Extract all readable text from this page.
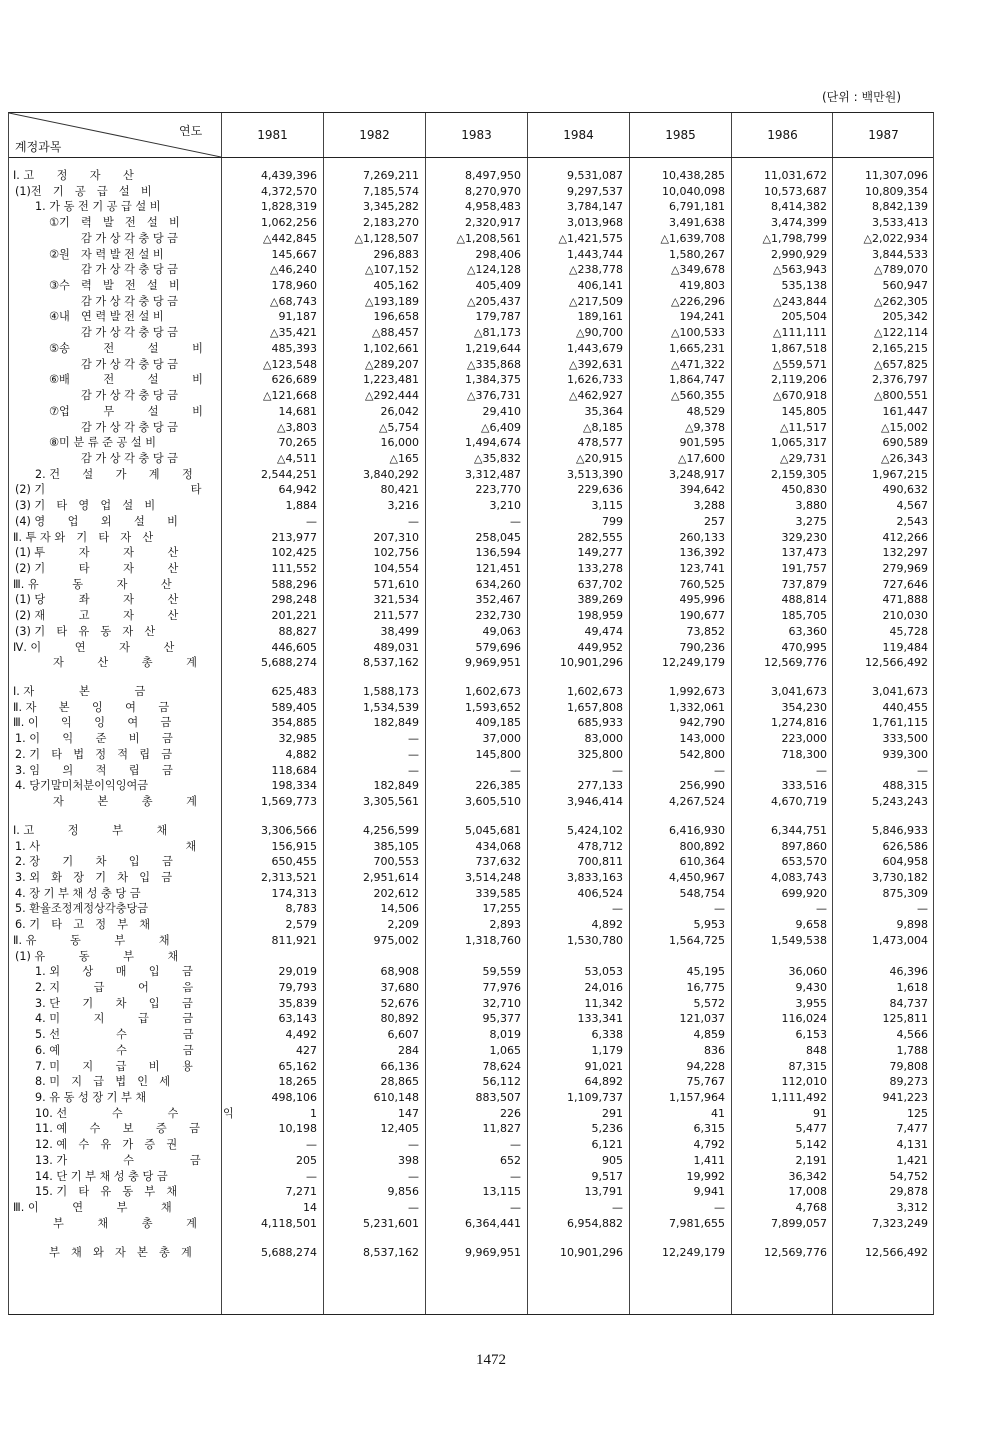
(단위 : 백만원)
연도
계정과목
1981	1982	1983	1984	1985	1986	1987
Ⅰ. 고　　정　　자　　산	4,439,396	7,269,211	8,497,950	9,531,087	10,438,285	11,031,672	11,307,096
(1)전　기　공　급　설　비	4,372,570	7,185,574	8,270,970	9,297,537	10,040,098	10,573,687	10,809,354
1. 가 동 전 기 공 급 설 비	1,828,319	3,345,282	4,958,483	3,784,147	6,791,181	8,414,382	8,842,139
①기　력　발　전　설　비	1,062,256	2,183,270	2,320,917	3,013,968	3,491,638	3,474,399	3,533,413
감 가 상 각 충 당 금	△442,845	△1,128,507	△1,208,561	△1,421,575	△1,639,708	△1,798,799	△2,022,934
②원　자 력 발 전 설 비	145,667	296,883	298,406	1,443,744	1,580,267	2,990,929	3,844,533
감 가 상 각 충 당 금	△46,240	△107,152	△124,128	△238,778	△349,678	△563,943	△789,070
③수　력　발　전　설　비	178,960	405,162	405,409	406,141	419,803	535,138	560,947
감 가 상 각 충 당 금	△68,743	△193,189	△205,437	△217,509	△226,296	△243,844	△262,305
④내　연 력 발 전 설 비	91,187	196,658	179,787	189,161	194,241	205,504	205,342
감 가 상 각 충 당 금	△35,421	△88,457	△81,173	△90,700	△100,533	△111,111	△122,114
⑤송　　　전　　　설　　　비	485,393	1,102,661	1,219,644	1,443,679	1,665,231	1,867,518	2,165,215
감 가 상 각 충 당 금	△123,548	△289,207	△335,868	△392,631	△471,322	△559,571	△657,825
⑥배　　　전　　　설　　　비	626,689	1,223,481	1,384,375	1,626,733	1,864,747	2,119,206	2,376,797
감 가 상 각 충 당 금	△121,668	△292,444	△376,731	△462,927	△560,355	△670,918	△800,551
⑦업　　　무　　　설　　　비	14,681	26,042	29,410	35,364	48,529	145,805	161,447
감 가 상 각 충 당 금	△3,803	△5,754	△6,409	△8,185	△9,378	△11,517	△15,002
⑧미 분 류 준 공 설 비	70,265	16,000	1,494,674	478,577	901,595	1,065,317	690,589
감 가 상 각 충 당 금	△4,511	△165	△35,832	△20,915	△17,600	△29,731	△26,343
2. 건　　설　　가　　계　　정	2,544,251	3,840,292	3,312,487	3,513,390	3,248,917	2,159,305	1,967,215
(2) 기　　　　　　　　　　　　　타	64,942	80,421	223,770	229,636	394,642	450,830	490,632
(3) 기　타　영　업　설　비	1,884	3,216	3,210	3,115	3,288	3,880	4,567
(4) 영　　업　　외　　설　　비	—	—	—	799	257	3,275	2,543
Ⅱ. 투 자 와　기　타　자　산	213,977	207,310	258,045	282,555	260,133	329,230	412,266
(1) 투　　　자　　　자　　　산	102,425	102,756	136,594	149,277	136,392	137,473	132,297
(2) 기　　　타　　　자　　　산	111,552	104,554	121,451	133,278	123,741	191,757	279,969
Ⅲ. 유　　　동　　　자　　　산	588,296	571,610	634,260	637,702	760,525	737,879	727,646
(1) 당　　　좌　　　자　　　산	298,248	321,534	352,467	389,269	495,996	488,814	471,888
(2) 재　　　고　　　자　　　산	201,221	211,577	232,730	198,959	190,677	185,705	210,030
(3) 기　타　유　동　자　산	88,827	38,499	49,063	49,474	73,852	63,360	45,728
Ⅳ. 이　　　연　　　자　　　산	446,605	489,031	579,696	449,952	790,236	470,995	119,484
자　　　산　　　총　　　계	5,688,274	8,537,162	9,969,951	10,901,296	12,249,179	12,569,776	12,566,492
Ⅰ. 자　　　　본　　　　금	625,483	1,588,173	1,602,673	1,602,673	1,992,673	3,041,673	3,041,673
Ⅱ. 자　　본　　잉　　여　　금	589,405	1,534,539	1,593,652	1,657,808	1,332,061	354,230	440,455
Ⅲ. 이　　익　　잉　　여　　금	354,885	182,849	409,185	685,933	942,790	1,274,816	1,761,115
1. 이　　익　　준　　비　　금	32,985	—	37,000	83,000	143,000	223,000	333,500
2. 기　타　법　정　적　립　금	4,882	—	145,800	325,800	542,800	718,300	939,300
3. 임　　의　　적　　립　　금	118,684	—	—	—	—	—	—
4. 당기말미처분이익잉여금	198,334	182,849	226,385	277,133	256,990	333,516	488,315
자　　　본　　　총　　　계	1,569,773	3,305,561	3,605,510	3,946,414	4,267,524	4,670,719	5,243,243
Ⅰ. 고　　　정　　　부　　　채	3,306,566	4,256,599	5,045,681	5,424,102	6,416,930	6,344,751	5,846,933
1. 사　　　　　　　　　　　　　채	156,915	385,105	434,068	478,712	800,892	897,860	626,586
2. 장　　기　　차　　입　　금	650,455	700,553	737,632	700,811	610,364	653,570	604,958
3. 외　화　장　기　차　입　금	2,313,521	2,951,614	3,514,248	3,833,163	4,450,967	4,083,743	3,730,182
4. 장 기 부 채 성 충 당 금	174,313	202,612	339,585	406,524	548,754	699,920	875,309
5. 환율조정계정상각충당금	8,783	14,506	17,255	—	—	—	—
6. 기　타　고　정　부　채	2,579	2,209	2,893	4,892	5,953	9,658	9,898
Ⅱ. 유　　　동　　　부　　　채	811,921	975,002	1,318,760	1,530,780	1,564,725	1,549,538	1,473,004
(1) 유　　　동　　　부　　　채
1. 외　　상　　매　　입　　금	29,019	68,908	59,559	53,053	45,195	36,060	46,396
2. 지　　　급　　　어　　　음	79,793	37,680	77,976	24,016	16,775	9,430	1,618
3. 단　　기　　차　　입　　금	35,839	52,676	32,710	11,342	5,572	3,955	84,737
4. 미　　　지　　　급　　　금	63,143	80,892	95,377	133,341	121,037	116,024	125,811
5. 선　　　　　수　　　　　금	4,492	6,607	8,019	6,338	4,859	6,153	4,566
6. 예　　　　　수　　　　　금	427	284	1,065	1,179	836	848	1,788
7. 미　　지　　급　　비　　용	65,162	66,136	78,624	91,021	94,228	87,315	79,808
8. 미　지　급　법　인　세	18,265	28,865	56,112	64,892	75,767	112,010	89,273
9. 유 동 성 장 기 부 채	498,106	610,148	883,507	1,109,737	1,157,964	1,111,492	941,223
10. 선　　　　수　　　　수　　　　익	1	147	226	291	41	91	125
11. 예　　수　　보　　증　　금	10,198	12,405	11,827	5,236	6,315	5,477	7,477
12. 예　수　유　가　증　권	—	—	—	6,121	4,792	5,142	4,131
13. 가　　　　　수　　　　　금	205	398	652	905	1,411	2,191	1,421
14. 단 기 부 채 성 충 당 금	—	—	—	9,517	19,992	36,342	54,752
15. 기　타　유　동　부　채	7,271	9,856	13,115	13,791	9,941	17,008	29,878
Ⅲ. 이　　　연　　　부　　　채	14	—	—	—	—	4,768	3,312
부　　　채　　　총　　　계	4,118,501	5,231,601	6,364,441	6,954,882	7,981,655	7,899,057	7,323,249
부　채　와　자　본　총　계	5,688,274	8,537,162	9,969,951	10,901,296	12,249,179	12,569,776	12,566,492
1472
